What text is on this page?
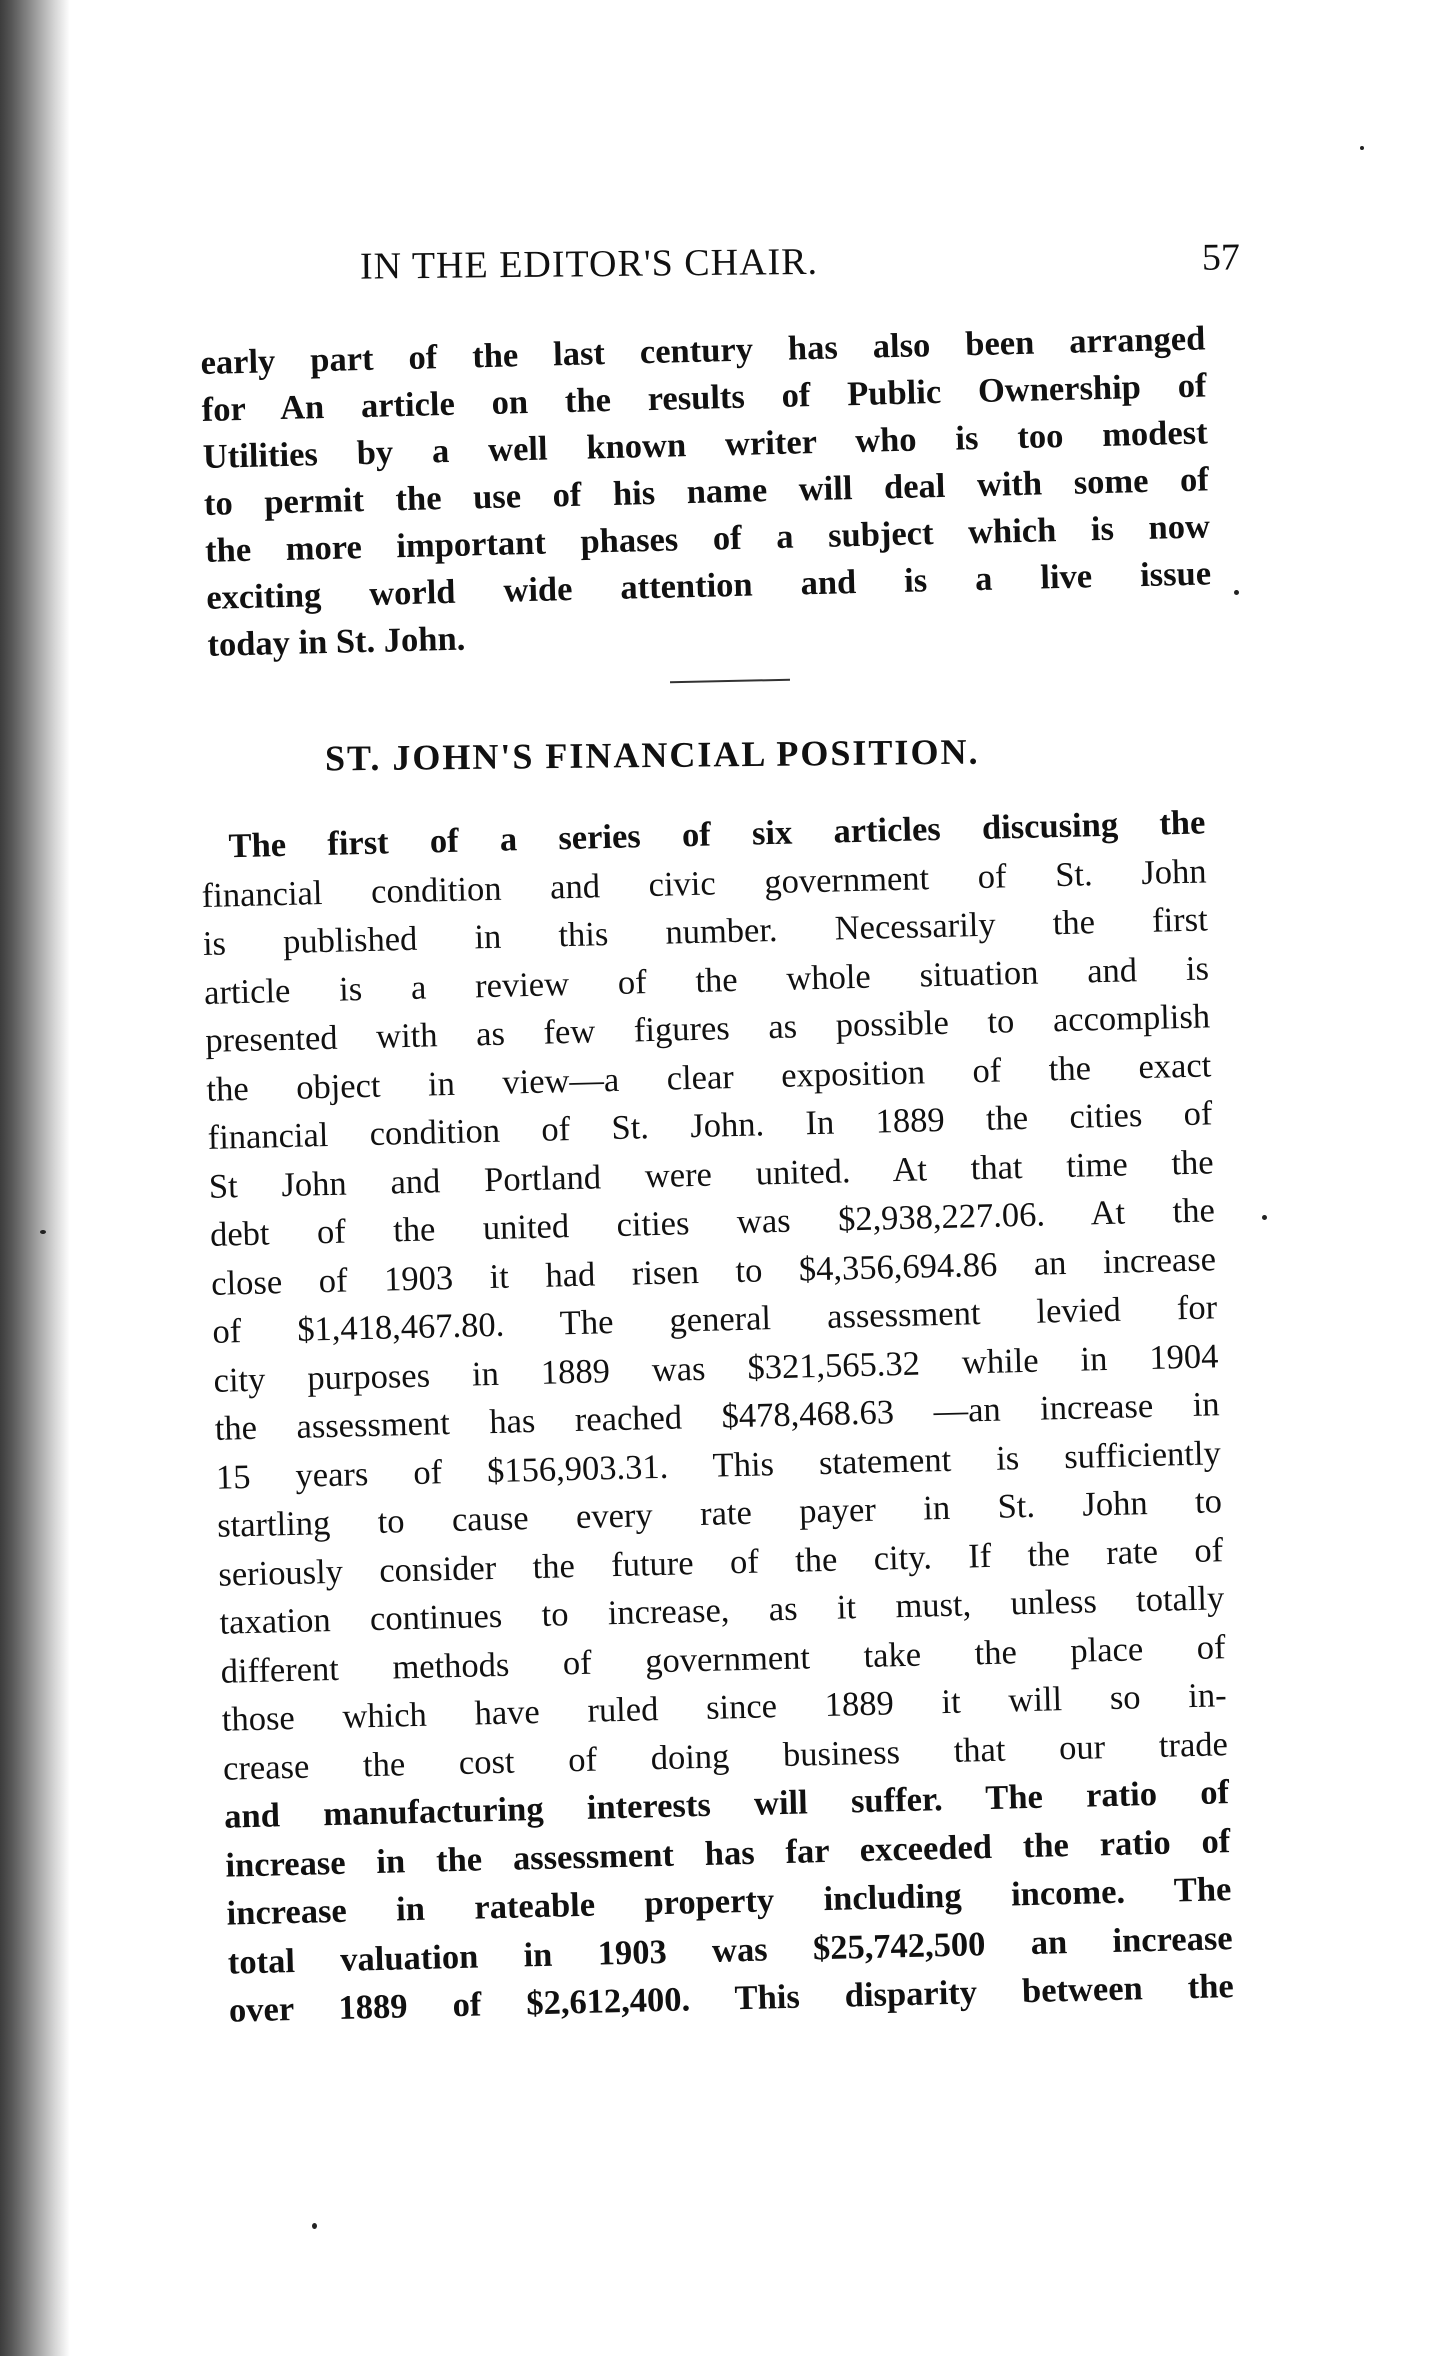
IN THE EDITOR'S CHAIR.	57
early part of the last century has also been arranged
for An article on the results of Public Ownership of
Utilities by a well known writer who is too modest
to permit the use of his name will deal with some of
the more important phases of a subject which is now
exciting world wide attention and is a live issue
today in St. John.
ST. JOHN'S FINANCIAL POSITION.
The first of a series of six articles discusing the
financial condition and civic government of St. John
is published in this number. Necessarily the first
article is a review of the whole situation and is
presented with as few figures as possible to accomplish
the object in view—a clear exposition of the exact
financial condition of St. John. In 1889 the cities of
St John and Portland were united. At that time the
debt of the united cities was $2,938,227.06. At the
close of 1903 it had risen to $4,356,694.86 an increase
of $1,418,467.80. The general assessment levied for
city purposes in 1889 was $321,565.32 while in 1904
the assessment has reached $478,468.63 —an increase in
15 years of $156,903.31. This statement is sufficiently
startling to cause every rate payer in St. John to
seriously consider the future of the city. If the rate of
taxation continues to increase, as it must, unless totally
different methods of government take the place of
those which have ruled since 1889 it will so in-
crease the cost of doing business that our trade
and manufacturing interests will suffer. The ratio of
increase in the assessment has far exceeded the ratio of
increase in rateable property including income. The
total valuation in 1903 was $25,742,500 an increase
over 1889 of $2,612,400. This disparity between the
